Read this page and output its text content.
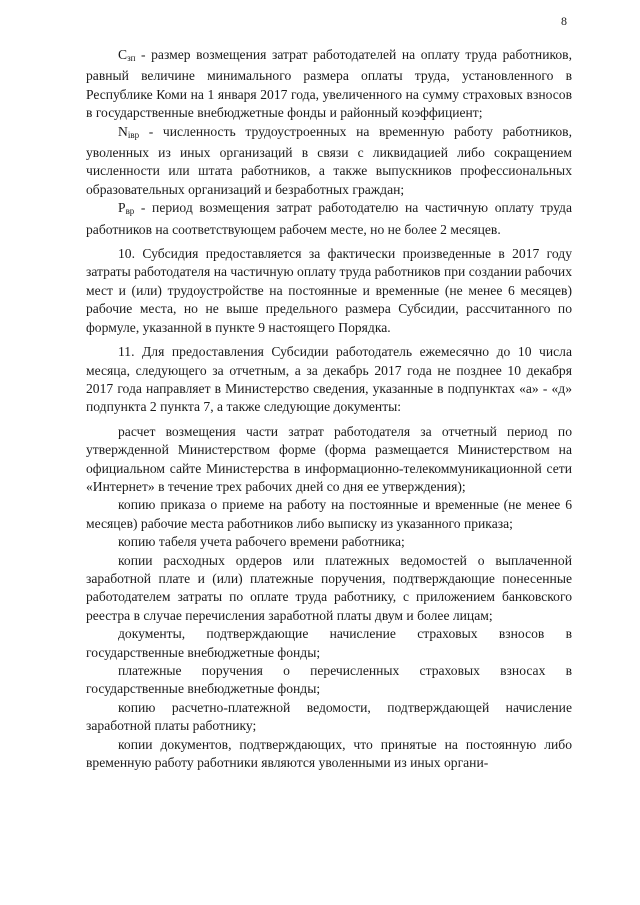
8

$С_{зп}$ - размер возмещения затрат работодателей на оплату труда работников, равный величине минимального размера оплаты труда, установленного в Республике Коми на 1 января 2017 года, увеличенного на сумму страховых взносов в государственные внебюджетные фонды и районный коэффициент;

$N_{iвр}$ - численность трудоустроенных на временную работу работников, уволенных из иных организаций в связи с ликвидацией либо сокращением численности или штата работников, а также выпускников профессиональных образовательных организаций и безработных граждан;

$Р_{вр}$ - период возмещения затрат работодателю на частичную оплату труда работников на соответствующем рабочем месте, но не более 2 месяцев.

10. Субсидия предоставляется за фактически произведенные в 2017 году затраты работодателя на частичную оплату труда работников при создании рабочих мест и (или) трудоустройстве на постоянные и временные (не менее 6 месяцев) рабочие места, но не выше предельного размера Субсидии, рассчитанного по формуле, указанной в пункте 9 настоящего Порядка.

11. Для предоставления Субсидии работодатель ежемесячно до 10 числа месяца, следующего за отчетным, а за декабрь 2017 года не позднее 10 декабря 2017 года направляет в Министерство сведения, указанные в подпунктах «а» - «д» подпункта 2 пункта 7, а также следующие документы:

расчет возмещения части затрат работодателя за отчетный период по утвержденной Министерством форме (форма размещается Министерством на официальном сайте Министерства в информационно-телекоммуникационной сети «Интернет» в течение трех рабочих дней со дня ее утверждения);

копию приказа о приеме на работу на постоянные и временные (не менее 6 месяцев) рабочие места работников либо выписку из указанного приказа;

копию табеля учета рабочего времени работника;

копии расходных ордеров или платежных ведомостей о выплаченной заработной плате и (или) платежные поручения, подтверждающие понесенные работодателем затраты по оплате труда работнику, с приложением банковского реестра в случае перечисления заработной платы двум и более лицам;

документы, подтверждающие начисление страховых взносов в государственные внебюджетные фонды;

платежные поручения о перечисленных страховых взносах в государственные внебюджетные фонды;

копию расчетно-платежной ведомости, подтверждающей начисление заработной платы работнику;

копии документов, подтверждающих, что принятые на постоянную либо временную работу работники являются уволенными из иных органи-
